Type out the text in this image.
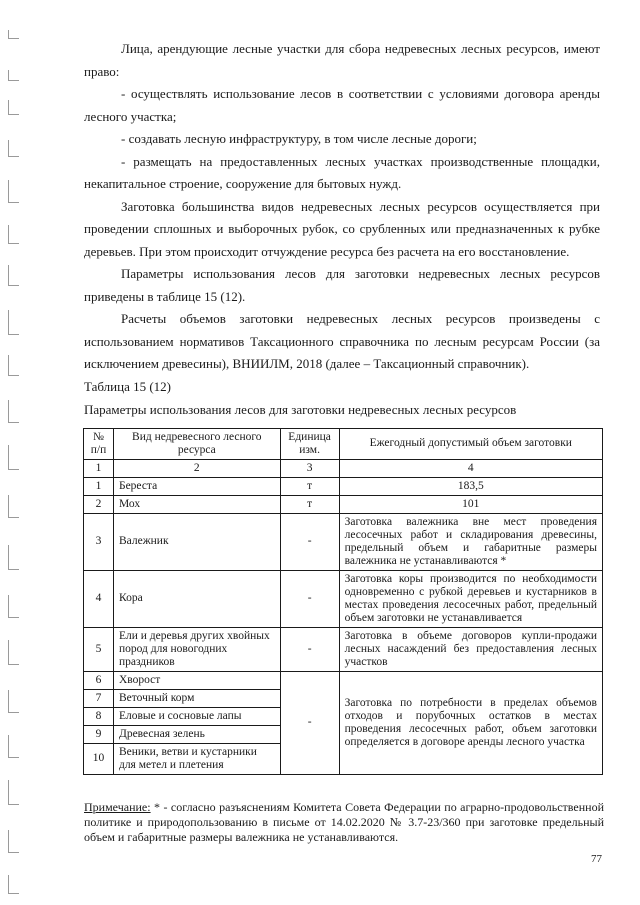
Лица, арендующие лесные участки для сбора недревесных лесных ресурсов, имеют право:

- осуществлять использование лесов в соответствии с условиями договора аренды лесного участка;

- создавать лесную инфраструктуру, в том числе лесные дороги;

- размещать на предоставленных лесных участках производственные площадки, некапитальное строение, сооружение для бытовых нужд.

Заготовка большинства видов недревесных лесных ресурсов осуществляется при проведении сплошных и выборочных рубок, со срубленных или предназначенных к рубке деревьев. При этом происходит отчуждение ресурса без расчета на его восстановление.

Параметры использования лесов для заготовки недревесных лесных ресурсов приведены в таблице 15 (12).

Расчеты объемов заготовки недревесных лесных ресурсов произведены с использованием нормативов Таксационного справочника по лесным ресурсам России (за исключением древесины), ВНИИЛМ, 2018 (далее – Таксационный справочник).

Таблица 15 (12)

Параметры использования лесов для заготовки недревесных лесных ресурсов

№ п/п	Вид недревесного лесного ресурса	Единица изм.	Ежегодный допустимый объем заготовки
1	2	3	4
1	Береста	т	183,5
2	Мох	т	101
3	Валежник	-	Заготовка валежника вне мест проведения лесосечных работ и складирования древесины, предельный объем и габаритные размеры валежника не устанавливаются *
4	Кора	-	Заготовка коры производится по необходимости одновременно с рубкой деревьев и кустарников в местах проведения лесосечных работ, предельный объем заготовки не устанавливается
5	Ели и деревья других хвойных пород для новогодних праздников	-	Заготовка в объеме договоров купли-продажи лесных насаждений без предоставления лесных участков
6	Хворост	-	Заготовка по потребности в пределах объемов отходов и порубочных остатков в местах проведения лесосечных работ, объем заготовки определяется в договоре аренды лесного участка
7	Веточный корм		
8	Еловые и сосновые лапы		
9	Древесная зелень		
10	Веники, ветви и кустарники для метел и плетения		
Примечание: * - согласно разъяснениям Комитета Совета Федерации по аграрно-продовольственной политике и природопользованию в письме от 14.02.2020 № 3.7-23/360 при заготовке предельный объем и габаритные размеры валежника не устанавливаются.
77
